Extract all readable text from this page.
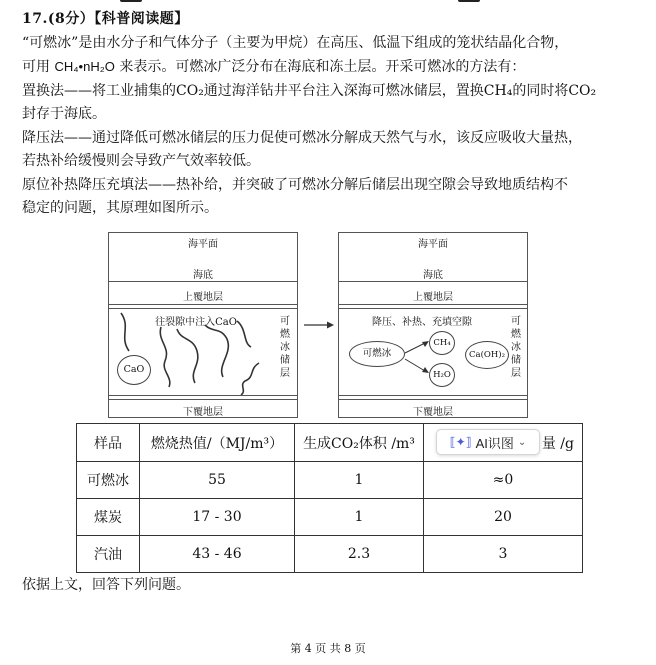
17.(8分）【科普阅读题】

“可燃冰”是由水分子和气体分子（主要为甲烷）在高压、低温下组成的笼状结晶化合物，

可用 CH₄•nH₂O 来表示。可燃冰广泛分布在海底和冻土层。开采可燃冰的方法有：

置换法——将工业捕集的CO₂通过海洋钻井平台注入深海可燃冰储层，置换CH₄的同时将CO₂

封存于海底。

降压法——通过降低可燃冰储层的压力促使可燃冰分解成天然气与水，该反应吸收大量热，

若热补给缓慢则会导致产气效率较低。

原位补热降压充填法——热补给，并突破了可燃冰分解后储层出现空隙会导致地质结构不

稳定的问题，其原理如图所示。

海平面
海底
上覆地层
往裂隙中注入CaO
CaO
可燃冰储层
下覆地层
海平面
海底
上覆地层
降压、补热、充填空隙
可燃冰
CH₄
H₂O
Ca(OH)₂
可燃冰储层
下覆地层
样品	燃烧热值/（MJ/m³）	生成CO₂体积 /m³	量 /g
可燃冰	55	1	≈0
煤炭	17 - 30	1	20
汽油	43 - 46	2.3	3
⟦✦⟧ AI识图 ⌄
依据上文，回答下列问题。
第 4 页 共 8 页
